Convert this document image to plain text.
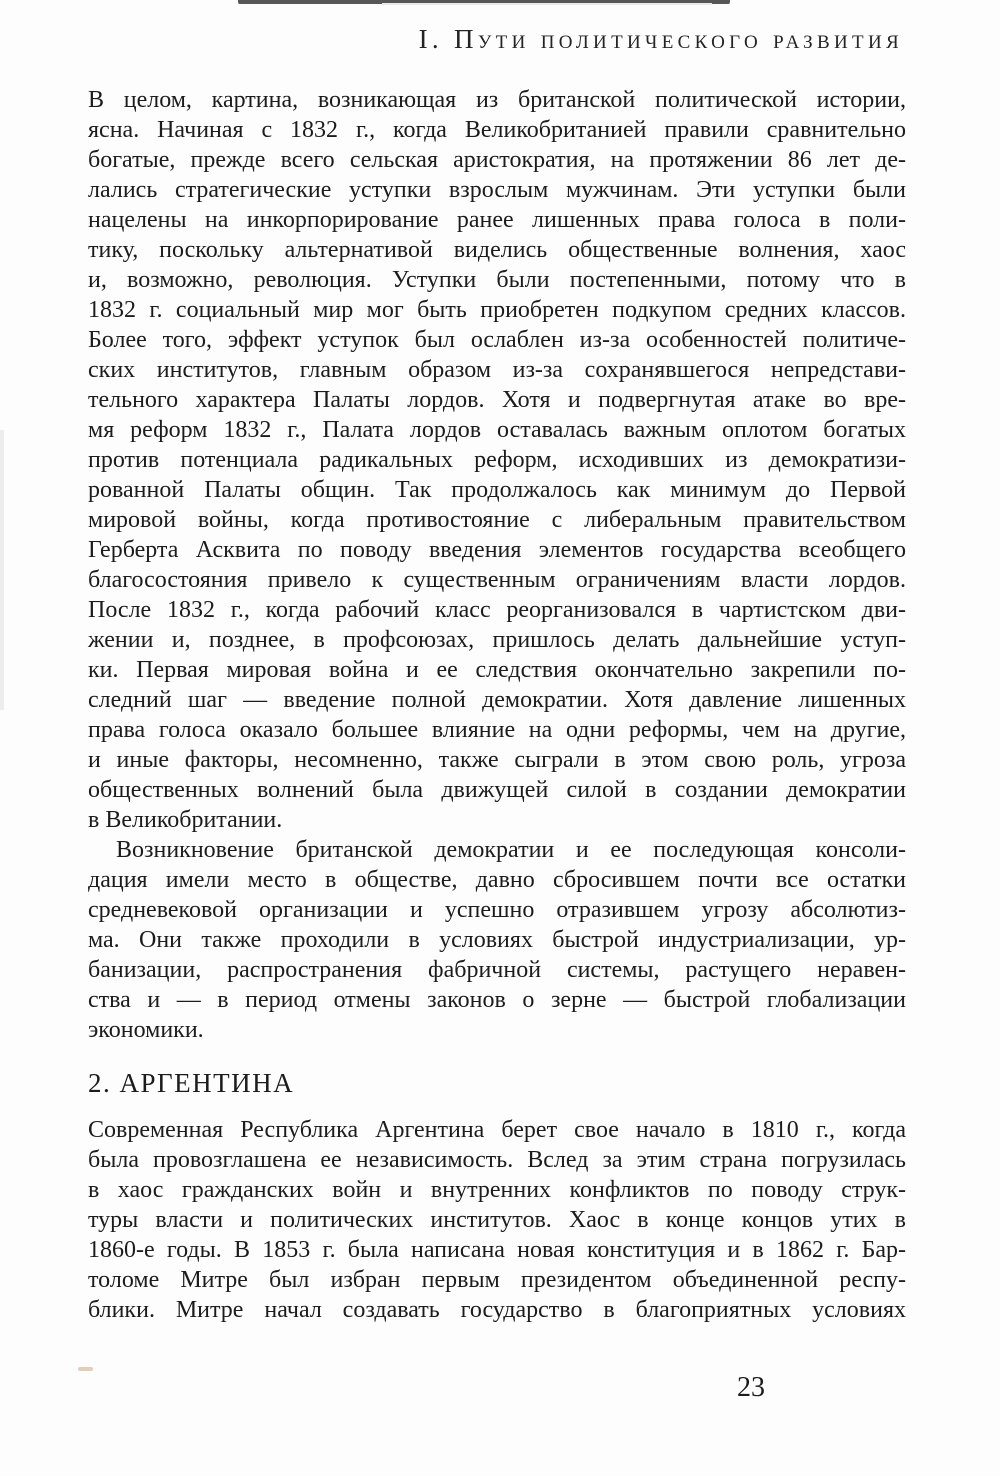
I. Пути политического развития
В целом, картина, возникающая из британской политической истории,
ясна. Начиная с 1832 г., когда Великобританией правили сравнительно
богатые, прежде всего сельская аристократия, на протяжении 86 лет де-
лались стратегические уступки взрослым мужчинам. Эти уступки были
нацелены на инкорпорирование ранее лишенных права голоса в поли-
тику, поскольку альтернативой виделись общественные волнения, хаос
и, возможно, революция. Уступки были постепенными, потому что в
1832 г. социальный мир мог быть приобретен подкупом средних классов.
Более того, эффект уступок был ослаблен из-за особенностей политиче-
ских институтов, главным образом из-за сохранявшегося непредстави-
тельного характера Палаты лордов. Хотя и подвергнутая атаке во вре-
мя реформ 1832 г., Палата лордов оставалась важным оплотом богатых
против потенциала радикальных реформ, исходивших из демократизи-
рованной Палаты общин. Так продолжалось как минимум до Первой
мировой войны, когда противостояние с либеральным правительством
Герберта Асквита по поводу введения элементов государства всеобщего
благосостояния привело к существенным ограничениям власти лордов.
После 1832 г., когда рабочий класс реорганизовался в чартистском дви-
жении и, позднее, в профсоюзах, пришлось делать дальнейшие уступ-
ки. Первая мировая война и ее следствия окончательно закрепили по-
следний шаг — введение полной демократии. Хотя давление лишенных
права голоса оказало большее влияние на одни реформы, чем на другие,
и иные факторы, несомненно, также сыграли в этом свою роль, угроза
общественных волнений была движущей силой в создании демократии
в Великобритании.
Возникновение британской демократии и ее последующая консоли-
дация имели место в обществе, давно сбросившем почти все остатки
средневековой организации и успешно отразившем угрозу абсолютиз-
ма. Они также проходили в условиях быстрой индустриализации, ур-
банизации, распространения фабричной системы, растущего неравен-
ства и — в период отмены законов о зерне — быстрой глобализации
экономики.
2. АРГЕНТИНА
Современная Республика Аргентина берет свое начало в 1810 г., когда
была провозглашена ее независимость. Вслед за этим страна погрузилась
в хаос гражданских войн и внутренних конфликтов по поводу струк-
туры власти и политических институтов. Хаос в конце концов утих в
1860-е годы. В 1853 г. была написана новая конституция и в 1862 г. Бар-
толоме Митре был избран первым президентом объединенной респу-
блики. Митре начал создавать государство в благоприятных условиях
23
